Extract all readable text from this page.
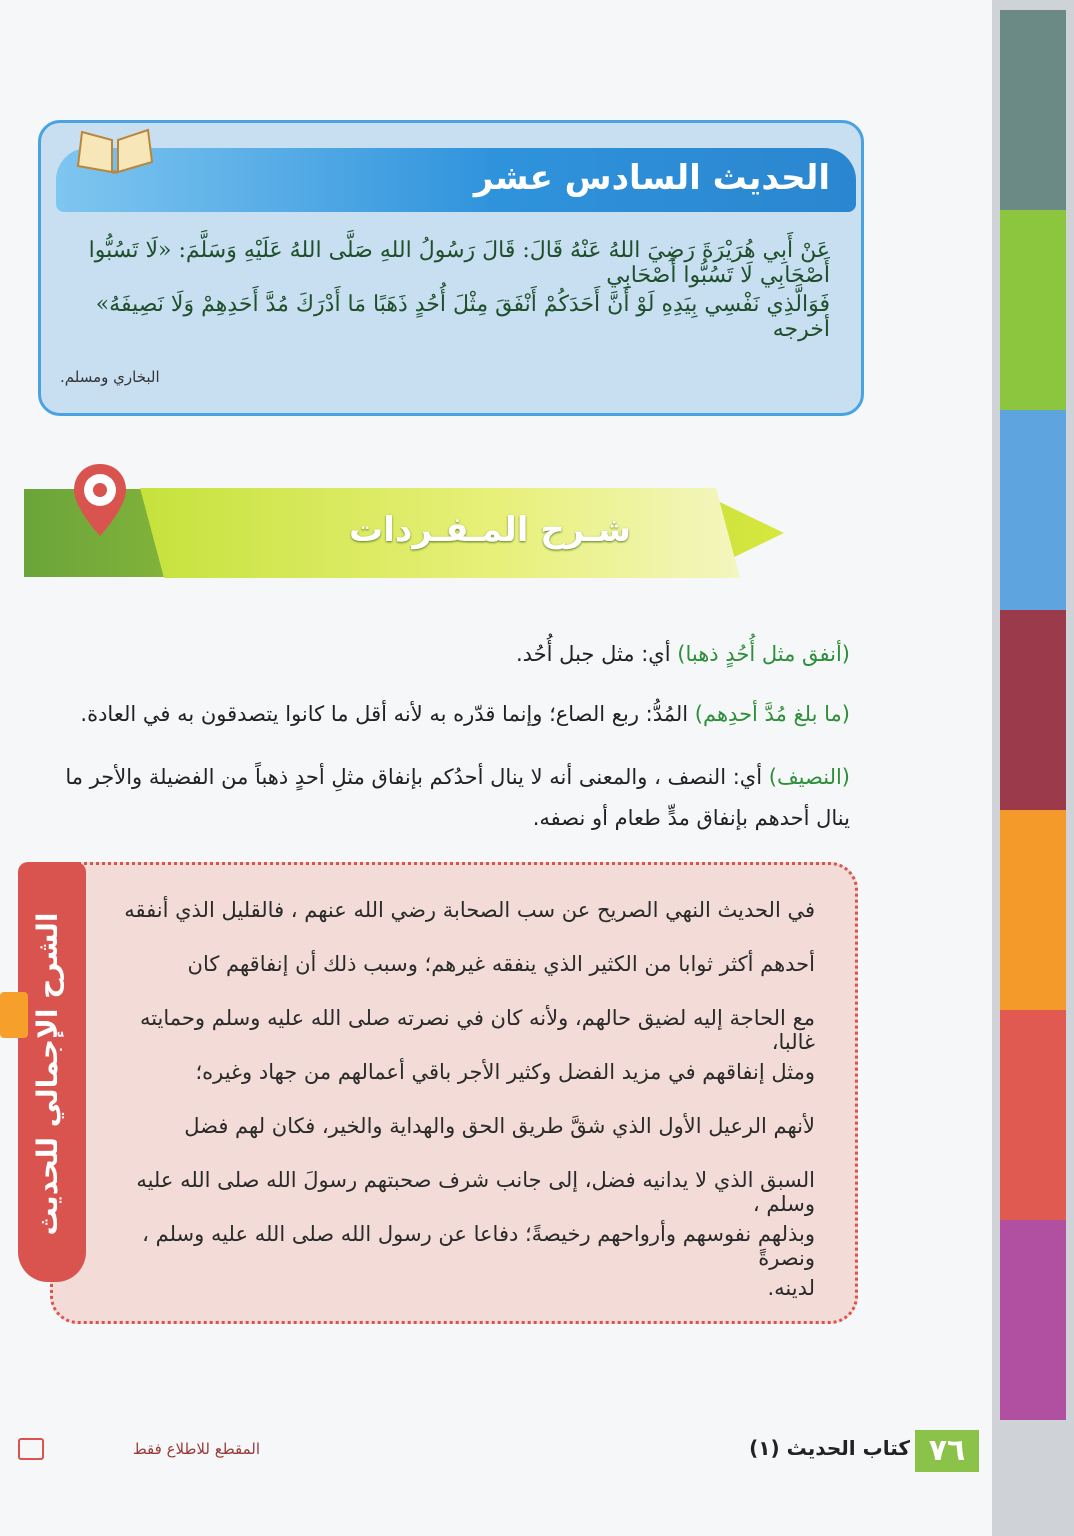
الحديث السادس عشر
عَنْ أَبِي هُرَيْرَةَ رَضِيَ اللهُ عَنْهُ قَالَ: قَالَ رَسُولُ اللهِ صَلَّى اللهُ عَلَيْهِ وَسَلَّمَ: «لَا تَسُبُّوا أَصْحَابِي لَا تَسُبُّوا أَصْحَابِي
فَوَالَّذِي نَفْسِي بِيَدِهِ لَوْ أَنَّ أَحَدَكُمْ أَنْفَقَ مِثْلَ أُحُدٍ ذَهَبًا مَا أَدْرَكَ مُدَّ أَحَدِهِمْ وَلَا نَصِيفَهُ» أخرجه
البخاري ومسلم.
شـرح المـفـردات
(أنفق مثل أُحُدٍ ذهبا) أي: مثل جبل أُحُد.
(ما بلغ مُدَّ أحدِهم) المُدُّ: ربع الصاع؛ وإنما قدّره به لأنه أقل ما كانوا يتصدقون به في العادة.
(النصيف) أي: النصف ، والمعنى أنه لا ينال أحدُكم بإنفاق مثلِ أحدٍ ذهباً من الفضيلة والأجر ما
ينال أحدهم بإنفاق مدٍّ طعام أو نصفه.
الشرح الإجمالي للحديث
في الحديث النهي الصريح عن سب الصحابة رضي الله عنهم ، فالقليل الذي أنفقه
أحدهم أكثر ثوابا من الكثير الذي ينفقه غيرهم؛ وسبب ذلك أن إنفاقهم كان
مع الحاجة إليه لضيق حالهم، ولأنه كان في نصرته صلى الله عليه وسلم وحمايته غالبا،
ومثل إنفاقهم في مزيد الفضل وكثير الأجر باقي أعمالهم من جهاد وغيره؛
لأنهم الرعيل الأول الذي شقَّ طريق الحق والهداية والخير، فكان لهم فضل
السبق الذي لا يدانيه فضل، إلى جانب شرف صحبتهم رسولَ الله صلى الله عليه وسلم ،
وبذلهم نفوسهم وأرواحهم رخيصةً؛ دفاعا عن رسول الله صلى الله عليه وسلم ، ونصرةً
لدينه.
٧٦
كتاب الحديث (١)
المقطع للاطلاع فقط
